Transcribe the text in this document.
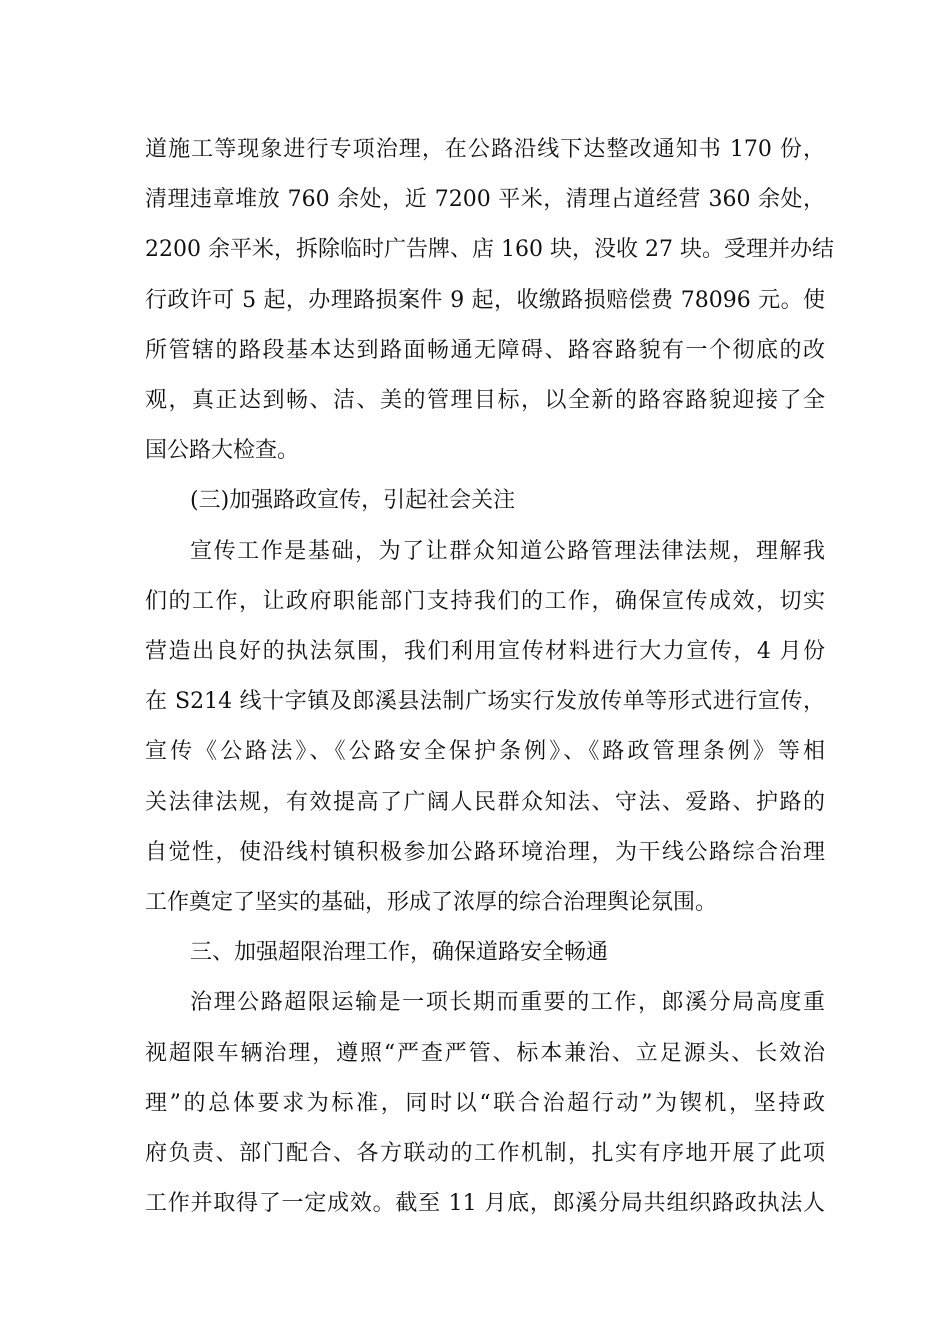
道施工等现象进行专项治理，在公路沿线下达整改通知书 170 份，
清理违章堆放 760 余处，近 7200 平米，清理占道经营 360 余处，
2200 余平米，拆除临时广告牌、店 160 块，没收 27 块。受理并办结
行政许可 5 起，办理路损案件 9 起，收缴路损赔偿费 78096 元。使
所管辖的路段基本达到路面畅通无障碍、路容路貌有一个彻底的改
观，真正达到畅、洁、美的管理目标，以全新的路容路貌迎接了全
国公路大检查。
(三)加强路政宣传，引起社会关注
宣传工作是基础，为了让群众知道公路管理法律法规，理解我
们的工作，让政府职能部门支持我们的工作，确保宣传成效，切实
营造出良好的执法氛围，我们利用宣传材料进行大力宣传，4 月份
在 S214 线十字镇及郎溪县法制广场实行发放传单等形式进行宣传，
宣传《公路法》、《公路安全保护条例》、《路政管理条例》等相
关法律法规，有效提高了广阔人民群众知法、守法、爱路、护路的
自觉性，使沿线村镇积极参加公路环境治理，为干线公路综合治理
工作奠定了坚实的基础，形成了浓厚的综合治理舆论氛围。
三、加强超限治理工作，确保道路安全畅通
治理公路超限运输是一项长期而重要的工作，郎溪分局高度重
视超限车辆治理，遵照“严查严管、标本兼治、立足源头、长效治
理”的总体要求为标准，同时以“联合治超行动”为锲机，坚持政
府负责、部门配合、各方联动的工作机制，扎实有序地开展了此项
工作并取得了一定成效。截至 11 月底，郎溪分局共组织路政执法人
